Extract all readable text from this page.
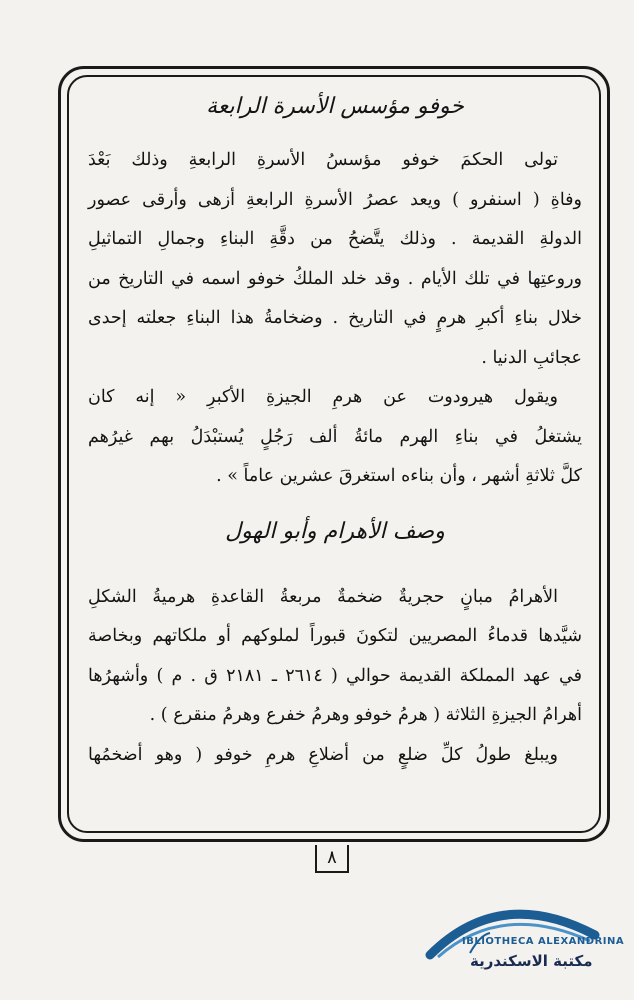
خوفو مؤسس الأسرة الرابعة
تولى الحكمَ خوفو مؤسسُ الأسرةِ الرابعةِ وذلك بَعْدَ
وفاةِ ( اسنفرو ) ويعد عصرُ الأسرةِ الرابعةِ أزهى وأرقى عصور
الدولةِ القديمة . وذلك يتَّضحُ من دقَّةِ البناءِ وجمالِ التماثيلِ
وروعتِها في تلك الأيام . وقد خلد الملكُ خوفو اسمه في التاريخ من
خلال بناءِ أكبرِ هرمٍ في التاريخ . وضخامةُ هذا البناءِ جعلته إحدى
عجائبِ الدنيا .
ويقول هيرودوت عن هرمِ الجيزةِ الأكبرِ « إنه كان
يشتغلُ في بناءِ الهرم مائةُ ألف رَجُلٍ يُستبْدَلُ بهم غيرُهم
كلَّ ثلاثةِ أشهر ، وأن بناءه استغرقَ عشرين عاماً » .
وصف الأهرام وأبو الهول
الأهرامُ مبانٍ حجريةٌ ضخمةٌ مربعةُ القاعدةِ هرميةُ الشكلِ
شيَّدها قدماءُ المصريين لتكونَ قبوراً لملوكهم أو ملكاتهم وبخاصة
في عهد المملكة القديمة حوالي ( ٢٦١٤ ـ ٢١٨١ ق . م ) وأشهرُها
أهرامُ الجيزةِ الثلاثة ( هرمُ خوفو وهرمُ خفرع وهرمُ منقرع ) .
ويبلغ طولُ كلِّ ضلعٍ من أضلاعِ هرمِ خوفو ( وهو أضخمُها
٨
IBLIOTHECA ALEXANDRINA
مكتبة الاسكندرية
